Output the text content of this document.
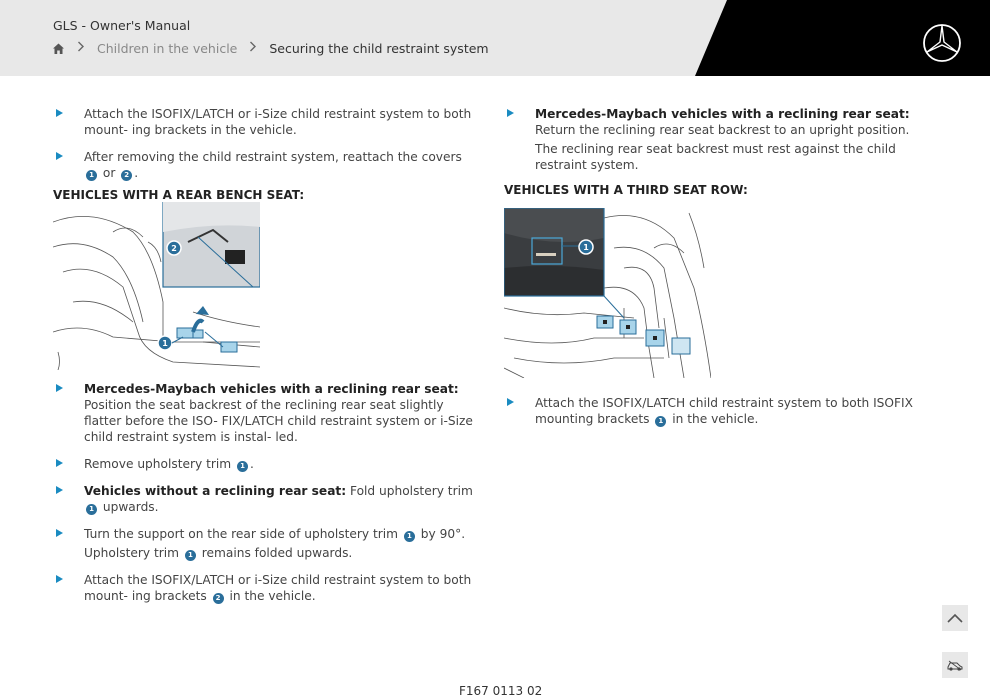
GLS - Owner's Manual
Children in the vehicle	Securing the child restraint system
Attach the ISOFIX/LATCH or i-Size child restraint system to both mount- ing brackets in the vehicle.
After removing the child restraint system, reattach the covers 1 or 2 .
VEHICLES WITH A REAR BENCH SEAT:
2
1
Mercedes-Maybach vehicles with a reclining rear seat: Position the seat backrest of the reclining rear seat slightly flatter before the ISO- FIX/LATCH child restraint system or i-Size child restraint system is instal- led.
Remove upholstery trim 1 .
Vehicles without a reclining rear seat: Fold upholstery trim 1 upwards.
Turn the support on the rear side of upholstery trim 1 by 90°.
Upholstery trim 1 remains folded upwards.
Attach the ISOFIX/LATCH or i-Size child restraint system to both mount- ing brackets 2 in the vehicle.
Mercedes-Maybach vehicles with a reclining rear seat: Return the reclining rear seat backrest to an upright position.
The reclining rear seat backrest must rest against the child restraint system.
VEHICLES WITH A THIRD SEAT ROW:
1
Attach the ISOFIX/LATCH child restraint system to both ISOFIX mounting brackets 1 in the vehicle.
F167 0113 02
